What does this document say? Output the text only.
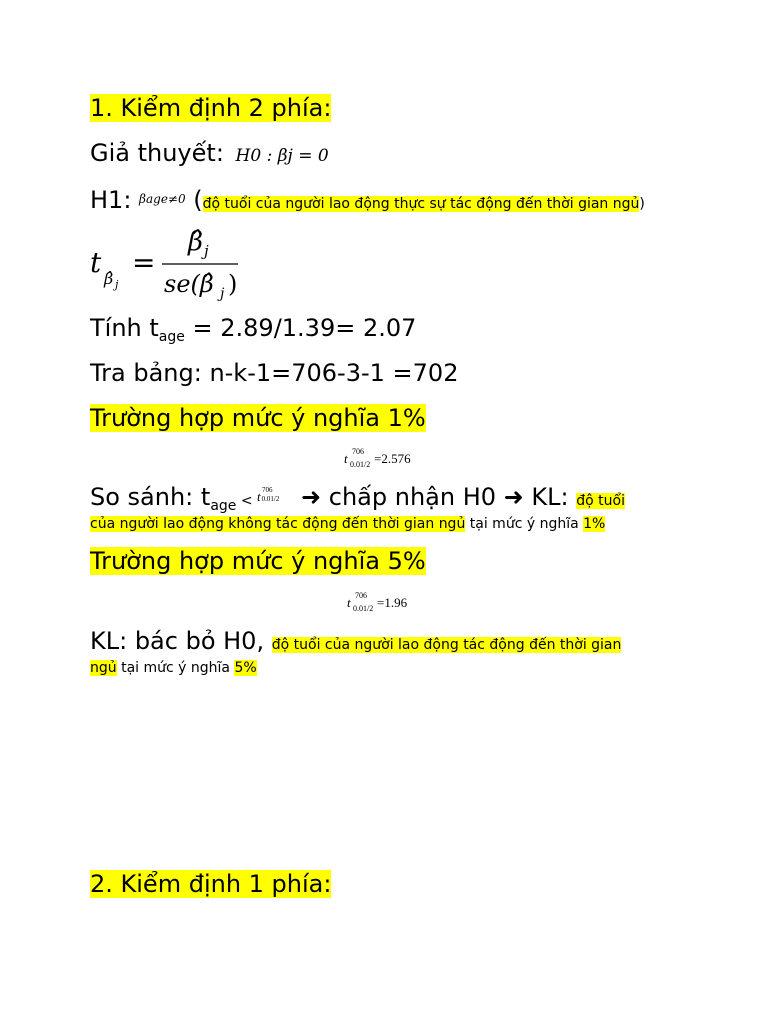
1. Kiểm định 2 phía:
Giả thuyết: H0 : βj = 0
H1: $^{\beta age\ne 0}$ (độ tuổi của người lao động thực sự tác động đến thời gian ngủ)
t β̂ j
=
β̂ j
se(β̂ j )
Tính $t_{age} = 2.89/1.39= 2.07$
Tra bảng: n-k-1=706-3-1 =702
Trường hợp mức ý nghĩa 1%
t 0.01/2
706 =2.576
So sánh: $t_{age} < t$ 706
0.01/2 ➜ chấp nhận H0 ➜ KL: độ tuổi
của người lao động không tác động đến thời gian ngủ tại mức ý nghĩa 1%
Trường hợp mức ý nghĩa 5%
t 0.01/2
706 =1.96
KL: bác bỏ H0, độ tuổi của người lao động tác động đến thời gian
ngủ tại mức ý nghĩa 5%
2. Kiểm định 1 phía:
